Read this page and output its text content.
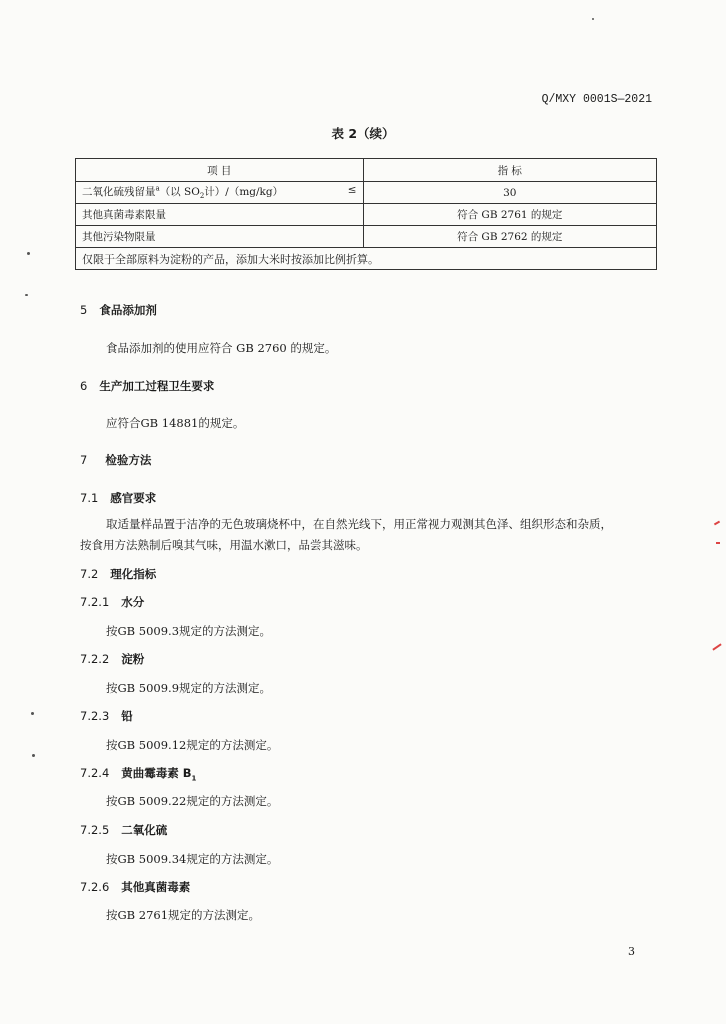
Q/MXY 0001S—2021
表 2（续）
项 目	指 标

二氧化硫残留量$^a$（以 $SO_2$计）/（mg/kg） ≤	30
其他真菌毒素限量	符合 GB 2761 的规定
其他污染物限量	符合 GB 2762 的规定
仅限于全部原料为淀粉的产品，添加大米时按添加比例折算。	
5 食品添加剂
食品添加剂的使用应符合 GB 2760 的规定。
6 生产加工过程卫生要求
应符合GB 14881的规定。
7 检验方法
7.1 感官要求
取适量样品置于洁净的无色玻璃烧杯中，在自然光线下，用正常视力观测其色泽、组织形态和杂质，
按食用方法熟制后嗅其气味，用温水漱口，品尝其滋味。
7.2 理化指标
7.2.1 水分
按GB 5009.3规定的方法测定。
7.2.2 淀粉
按GB 5009.9规定的方法测定。
7.2.3 铅
按GB 5009.12规定的方法测定。
7.2.4 黄曲霉毒素 $B_1$
按GB 5009.22规定的方法测定。
7.2.5 二氧化硫
按GB 5009.34规定的方法测定。
7.2.6 其他真菌毒素
按GB 2761规定的方法测定。
3
